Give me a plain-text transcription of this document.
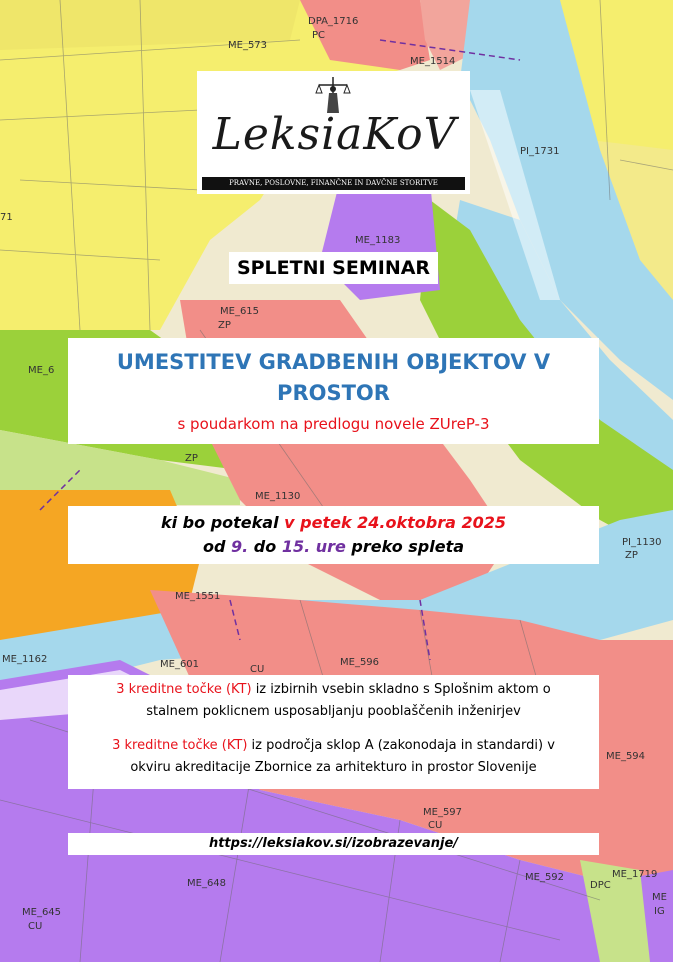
DPA_1716
PC
ME_573
ME_1514
PI_1731
71
ME_1183
ME_615
ZP
ME_6
ZP
ME_1130
PI_1130
ZP
ME_1551
ME_1162	ME_601	ME_596
ME_594
ME_597
CU
ME_648
ME_592	ME_1719
ME_645
CU
ME
IG
DPC
CU
LeksiaKoV
PRAVNE, POSLOVNE, FINANČNE IN DAVČNE STORITVE
SPLETNI SEMINAR
UMESTITEV GRADBENIH OBJEKTOV V
PROSTOR
s poudarkom na predlogu novele ZUreP-3
ki bo potekal v petek 24.oktobra 2025
od 9. do 15. ure preko spleta
3 kreditne točke (KT) iz izbirnih vsebin skladno s Splošnim aktom o
stalnem poklicnem usposabljanju pooblaščenih inženirjev
3 kreditne točke (KT) iz področja sklop A (zakonodaja in standardi) v
okviru akreditacije Zbornice za arhitekturo in prostor Slovenije
https://leksiakov.si/izobrazevanje/
